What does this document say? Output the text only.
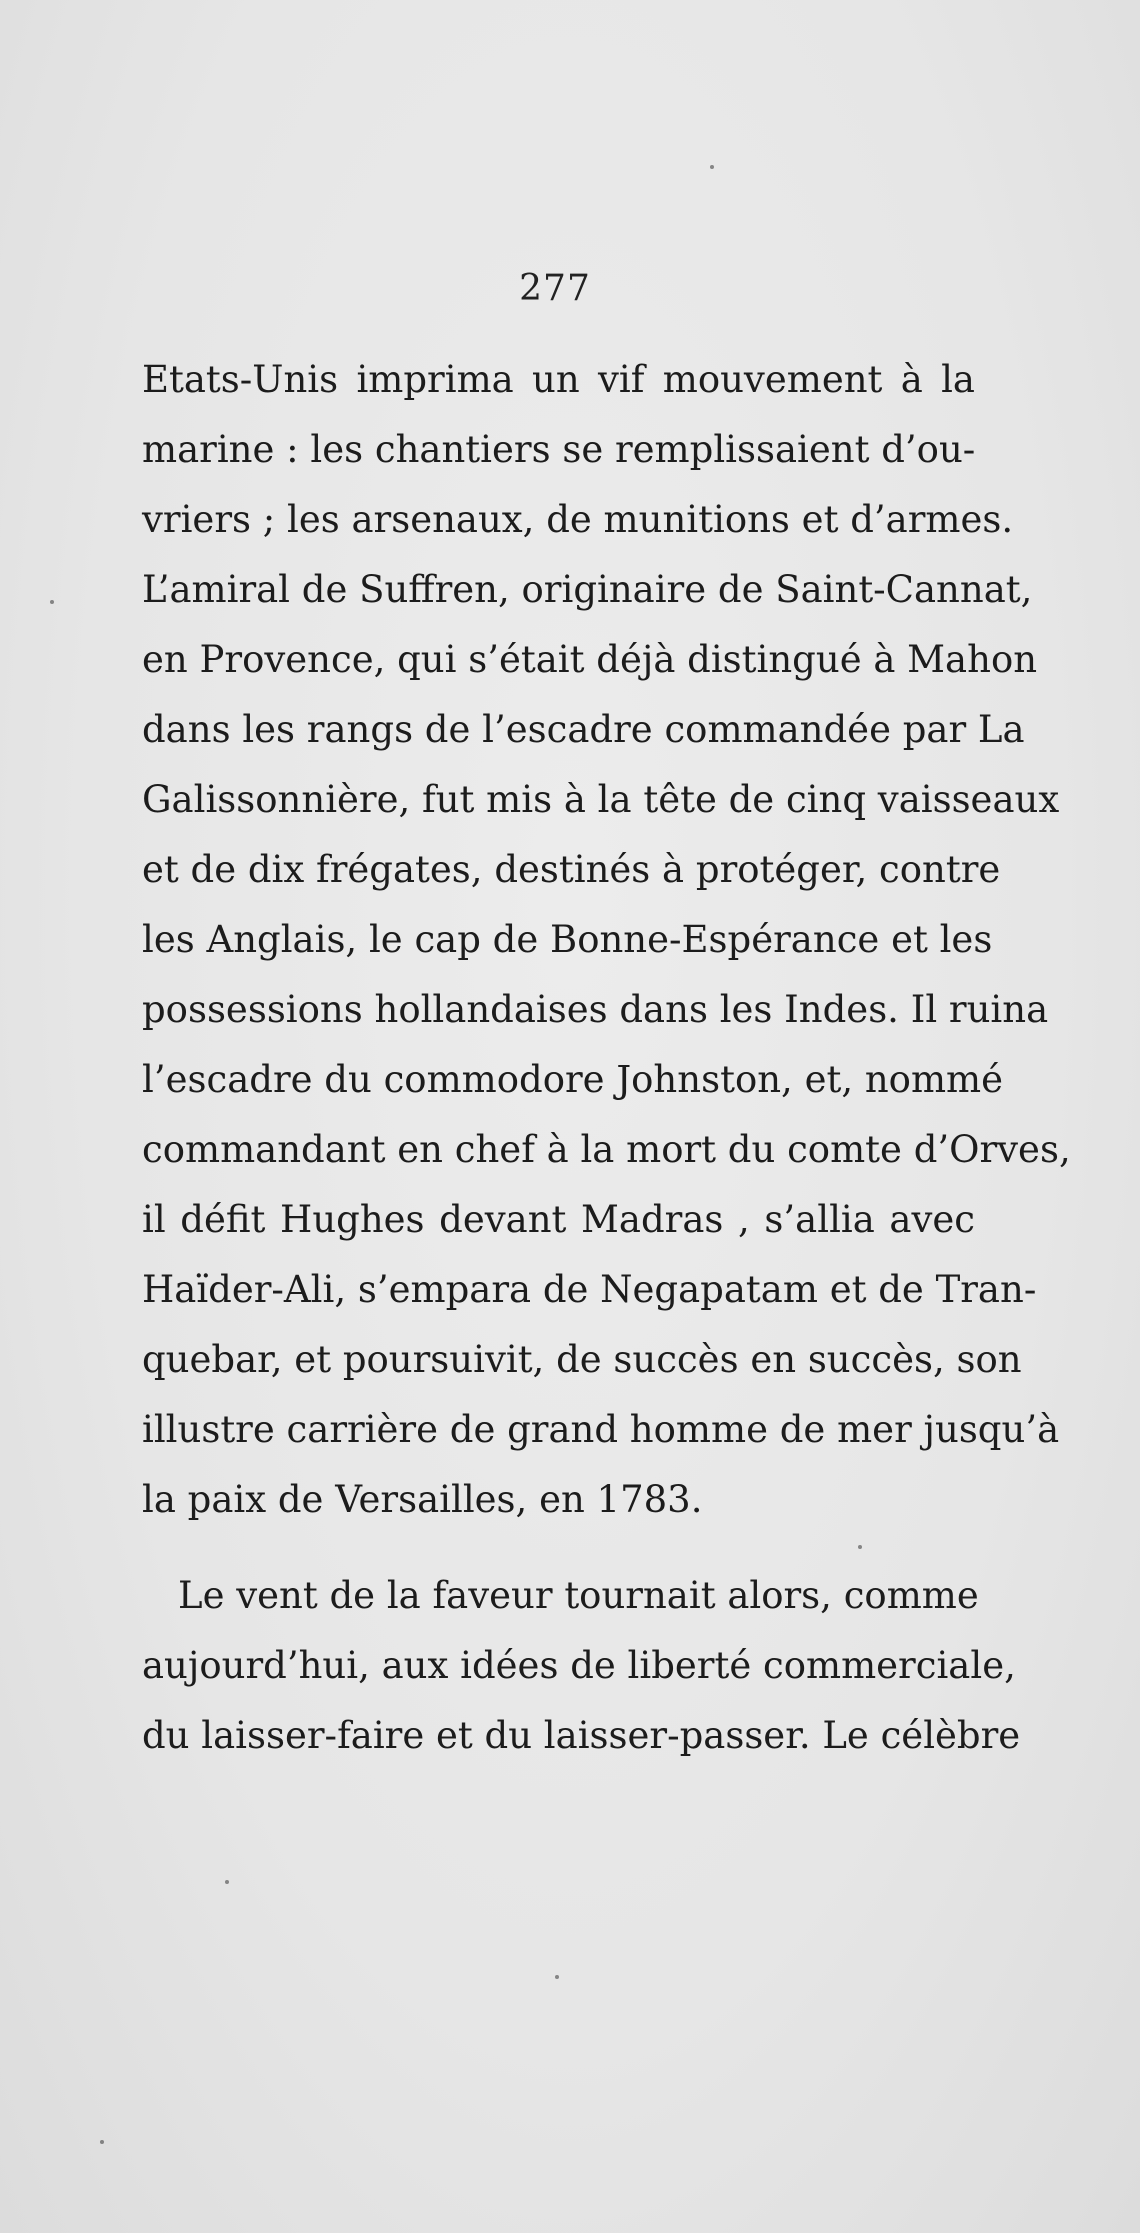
277
Etats-Unis imprima un vif mouvement à la
marine : les chantiers se remplissaient d’ou-
vriers ; les arsenaux, de munitions et d’armes.
L’amiral de Suffren, originaire de Saint-Cannat,
en Provence, qui s’était déjà distingué à Mahon
dans les rangs de l’escadre commandée par La
Galissonnière, fut mis à la tête de cinq vaisseaux
et de dix frégates, destinés à protéger, contre
les Anglais, le cap de Bonne-Espérance et les
possessions hollandaises dans les Indes. Il ruina
l’escadre du commodore Johnston, et, nommé
commandant en chef à la mort du comte d’Orves,
il défit Hughes devant Madras , s’allia avec
Haïder-Ali, s’empara de Negapatam et de Tran-
quebar, et poursuivit, de succès en succès, son
illustre carrière de grand homme de mer jusqu’à
la paix de Versailles, en 1783.
Le vent de la faveur tournait alors, comme
aujourd’hui, aux idées de liberté commerciale,
du laisser-faire et du laisser-passer. Le célèbre
